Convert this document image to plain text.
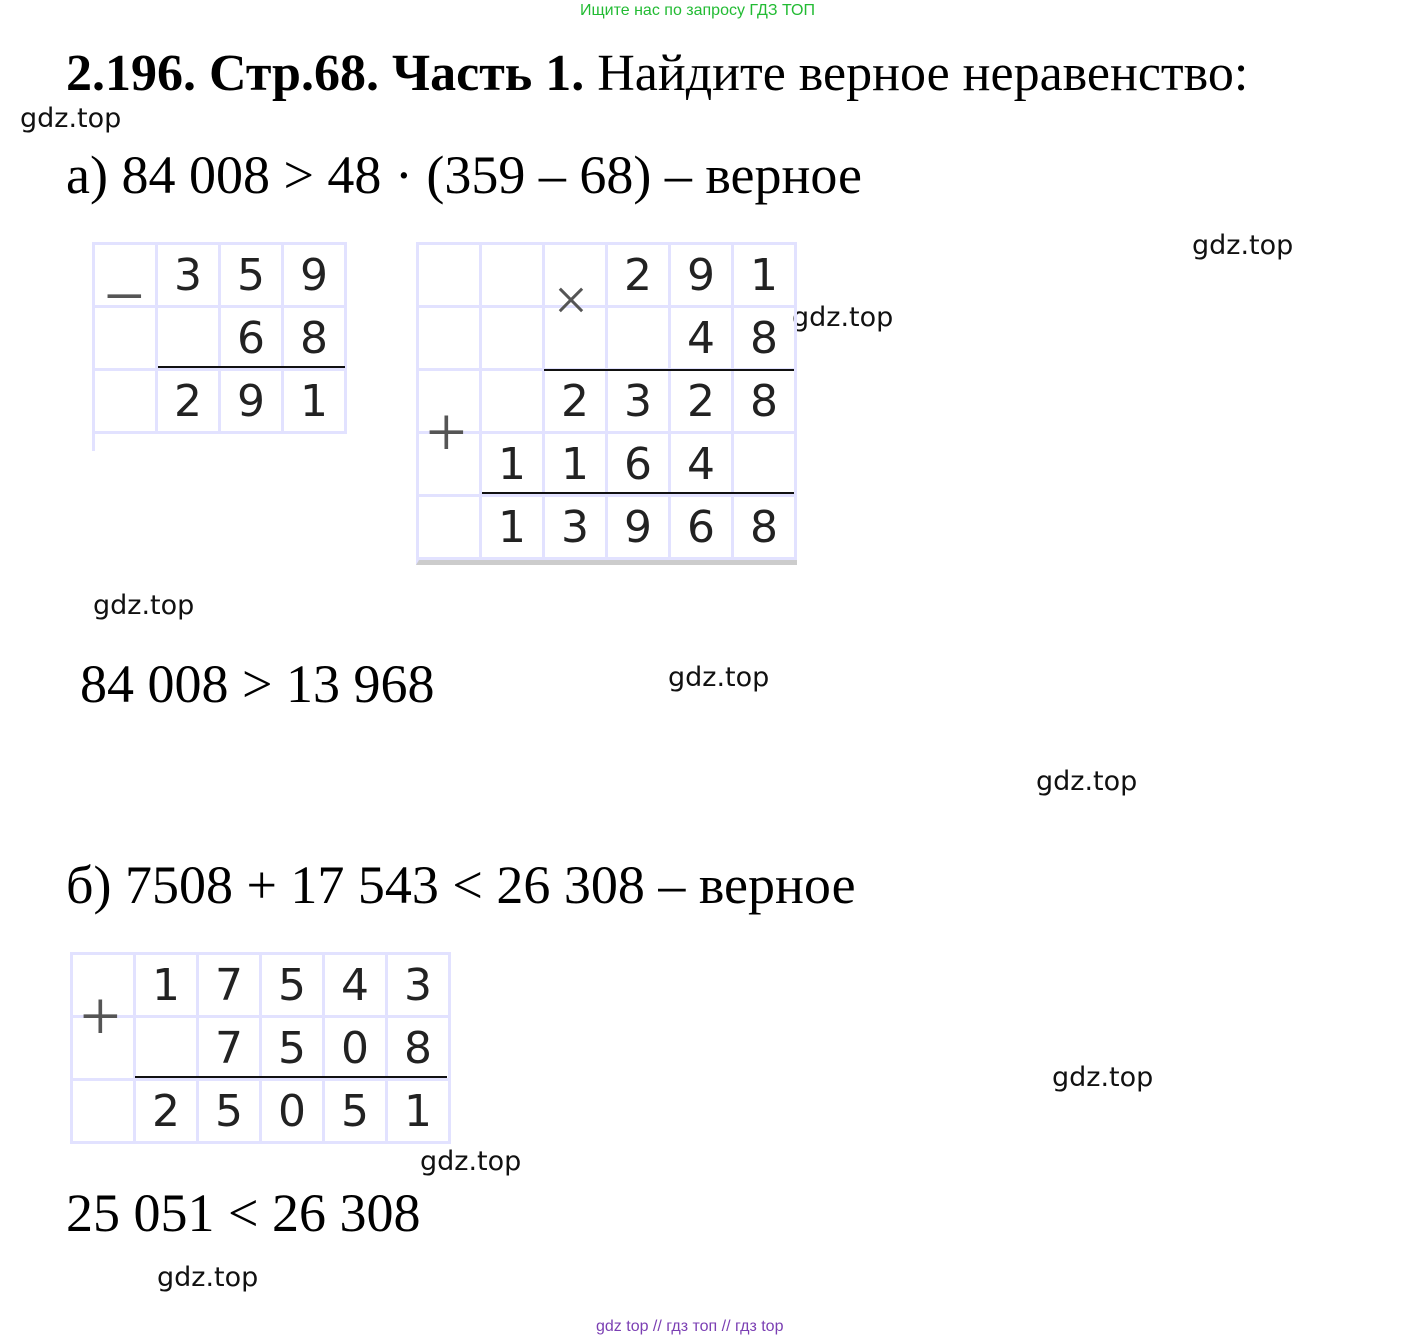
Ищите нас по запросу ГДЗ ТОП
2.196. Стр.68. Часть 1. Найдите верное неравенство:
gdz.top
gdz.top
gdz.top
gdz.top
gdz.top
gdz.top
gdz.top
gdz.top
gdz.top
а) 84 008 > 48 · (359 – 68) – верное
3 5 9
6 8
2 9 1
−	2 9 1
4 8
2 3 2 8
1 1 6 4
1 3 9 6 8
×
+
84 008 > 13 968
б) 7508 + 17 543 < 26 308 – верное
1 7 5 4 3
7 5 0 8
2 5 0 5 1
+
25 051 < 26 308
gdz top // гдз топ // гдз top
